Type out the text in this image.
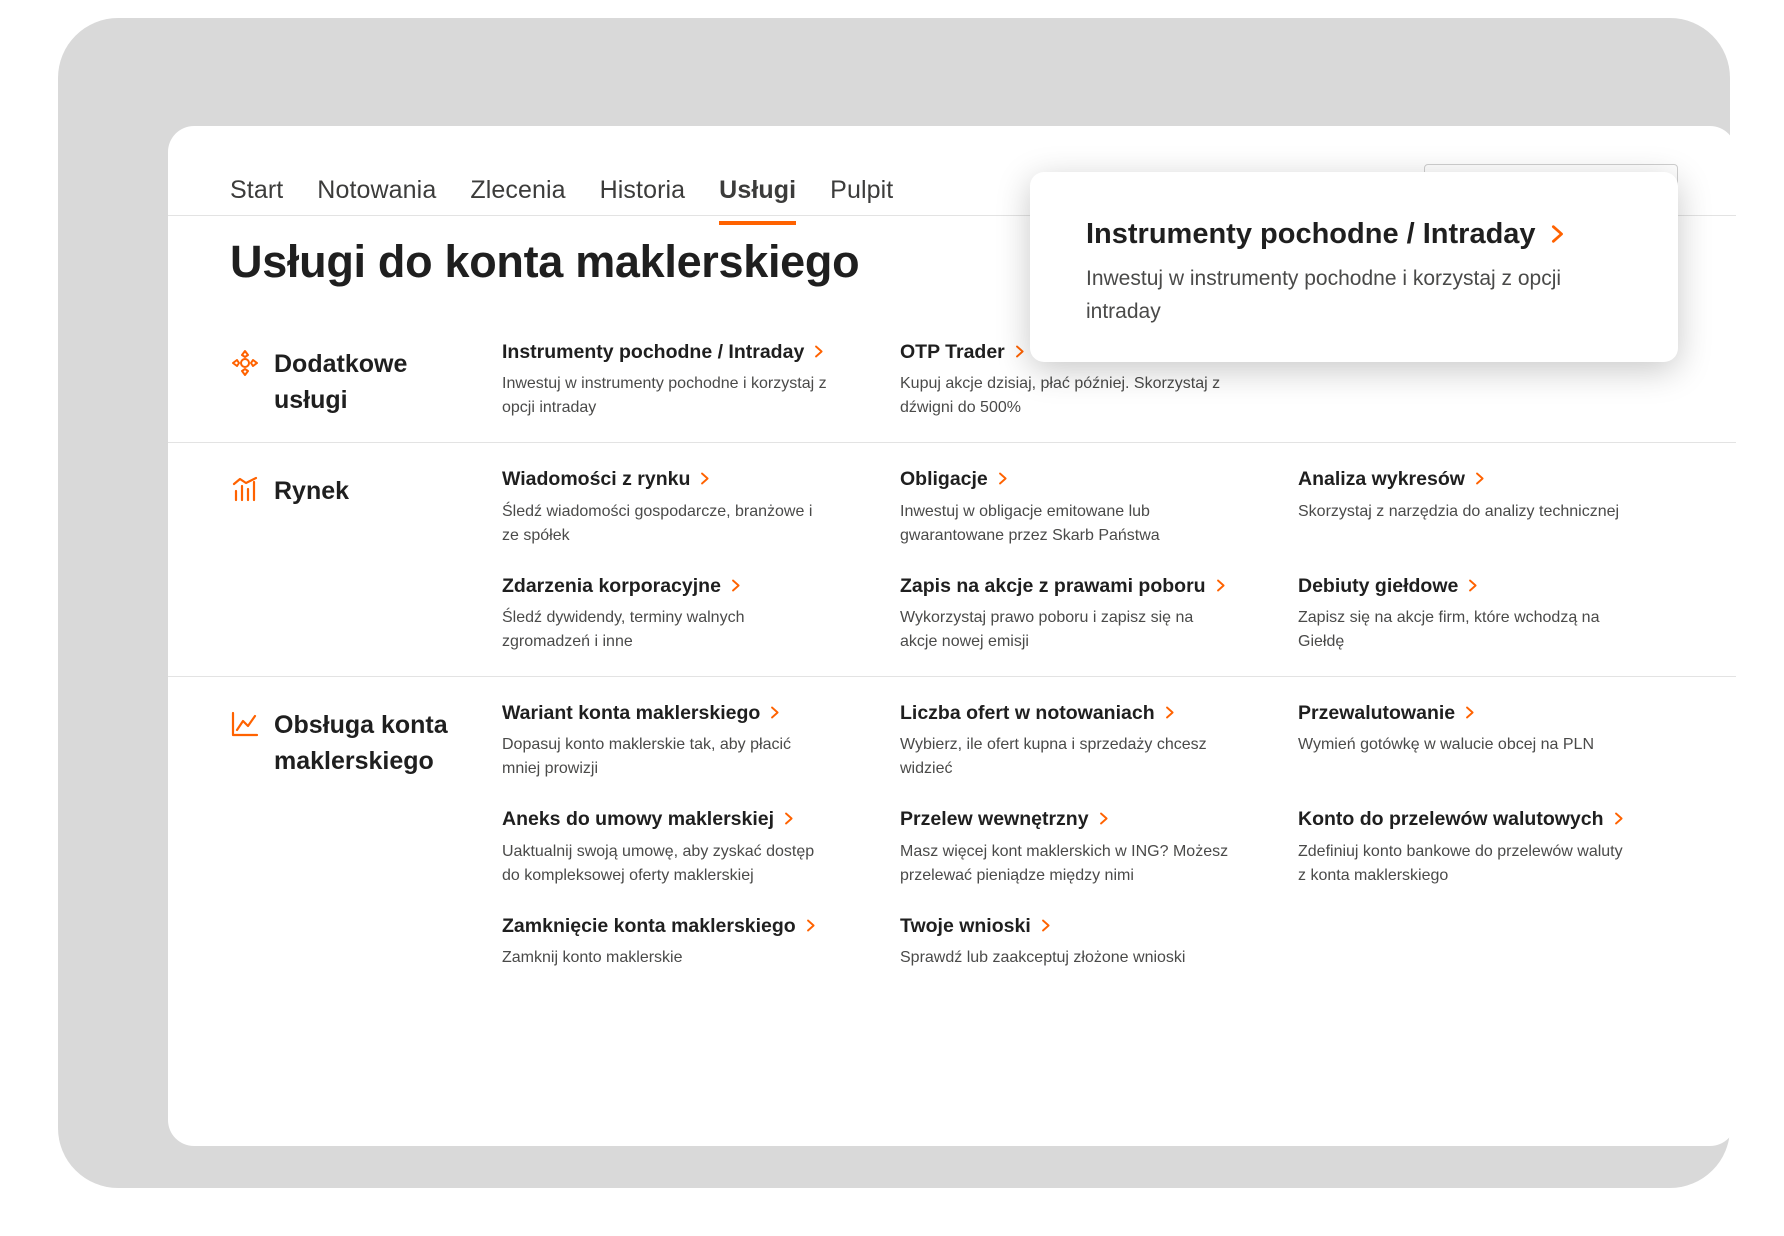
Start Notowania Zlecenia Historia Usługi Pulpit
Wyszukaj walor
Usługi do konta maklerskiego
Dodatkowe usługi
Instrumenty pochodne / Intraday
Inwestuj w instrumenty pochodne i korzystaj z opcji intraday
OTP Trader
Kupuj akcje dzisiaj, płać później. Skorzystaj z dźwigni do 500%
Rynek	Wiadomości z rynku
Śledź wiadomości gospodarcze, branżowe i ze spółek
Obligacje
Inwestuj w obligacje emitowane lub gwarantowane przez Skarb Państwa
Analiza wykresów
Skorzystaj z narzędzia do analizy technicznej
Zdarzenia korporacyjne
Śledź dywidendy, terminy walnych zgromadzeń i inne
Zapis na akcje z prawami poboru
Wykorzystaj prawo poboru i zapisz się na akcje nowej emisji
Debiuty giełdowe
Zapisz się na akcje firm, które wchodzą na Giełdę
Obsługa konta maklerskiego
Wariant konta maklerskiego
Dopasuj konto maklerskie tak, aby płacić mniej prowizji
Liczba ofert w notowaniach
Wybierz, ile ofert kupna i sprzedaży chcesz widzieć
Przewalutowanie
Wymień gotówkę w walucie obcej na PLN
Aneks do umowy maklerskiej
Uaktualnij swoją umowę, aby zyskać dostęp do kompleksowej oferty maklerskiej
Przelew wewnętrzny
Masz więcej kont maklerskich w ING? Możesz przelewać pieniądze między nimi
Konto do przelewów walutowych
Zdefiniuj konto bankowe do przelewów waluty z konta maklerskiego
Zamknięcie konta maklerskiego
Zamknij konto maklerskie
Twoje wnioski
Sprawdź lub zaakceptuj złożone wnioski
Instrumenty pochodne / Intraday
Inwestuj w instrumenty pochodne i korzystaj z opcji intraday
